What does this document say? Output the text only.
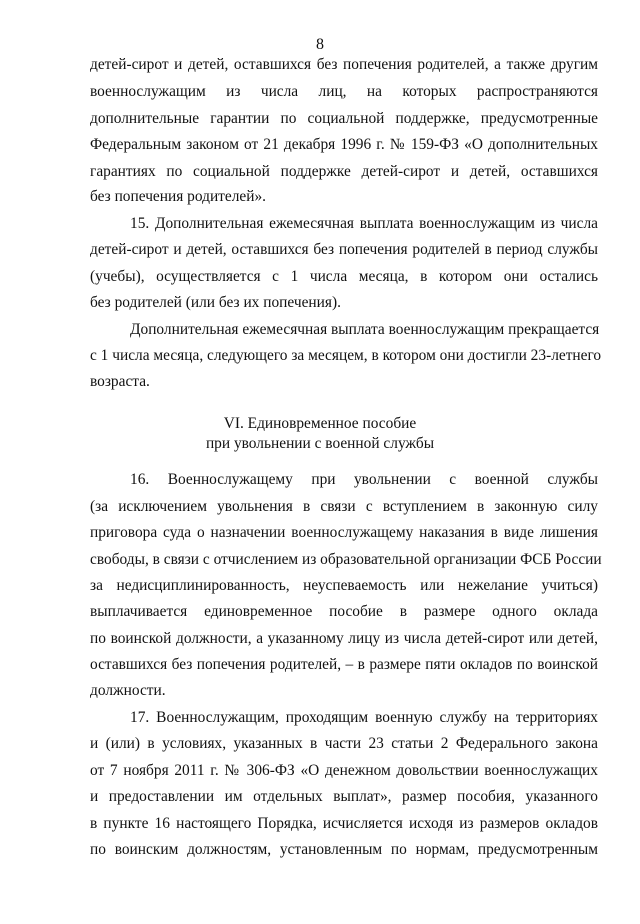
8
детей-сирот и детей, оставшихся без попечения родителей, а также другим
военнослужащим из числа лиц, на которых распространяются
дополнительные гарантии по социальной поддержке, предусмотренные
Федеральным законом от 21 декабря 1996 г. № 159-ФЗ «О дополнительных
гарантиях по социальной поддержке детей-сирот и детей, оставшихся
без попечения родителей».
15. Дополнительная ежемесячная выплата военнослужащим из числа
детей-сирот и детей, оставшихся без попечения родителей в период службы
(учебы), осуществляется с 1 числа месяца, в котором они остались
без родителей (или без их попечения).
Дополнительная ежемесячная выплата военнослужащим прекращается
с 1 числа месяца, следующего за месяцем, в котором они достигли 23-летнего
возраста.
VI. Единовременное пособие
при увольнении с военной службы
16. Военнослужащему при увольнении с военной службы
(за исключением увольнения в связи с вступлением в законную силу
приговора суда о назначении военнослужащему наказания в виде лишения
свободы, в связи с отчислением из образовательной организации ФСБ России
за недисциплинированность, неуспеваемость или нежелание учиться)
выплачивается единовременное пособие в размере одного оклада
по воинской должности, а указанному лицу из числа детей-сирот или детей,
оставшихся без попечения родителей, – в размере пяти окладов по воинской
должности.
17. Военнослужащим, проходящим военную службу на территориях
и (или) в условиях, указанных в части 23 статьи 2 Федерального закона
от 7 ноября 2011 г. № 306-ФЗ «О денежном довольствии военнослужащих
и предоставлении им отдельных выплат», размер пособия, указанного
в пункте 16 настоящего Порядка, исчисляется исходя из размеров окладов
по воинским должностям, установленным по нормам, предусмотренным
